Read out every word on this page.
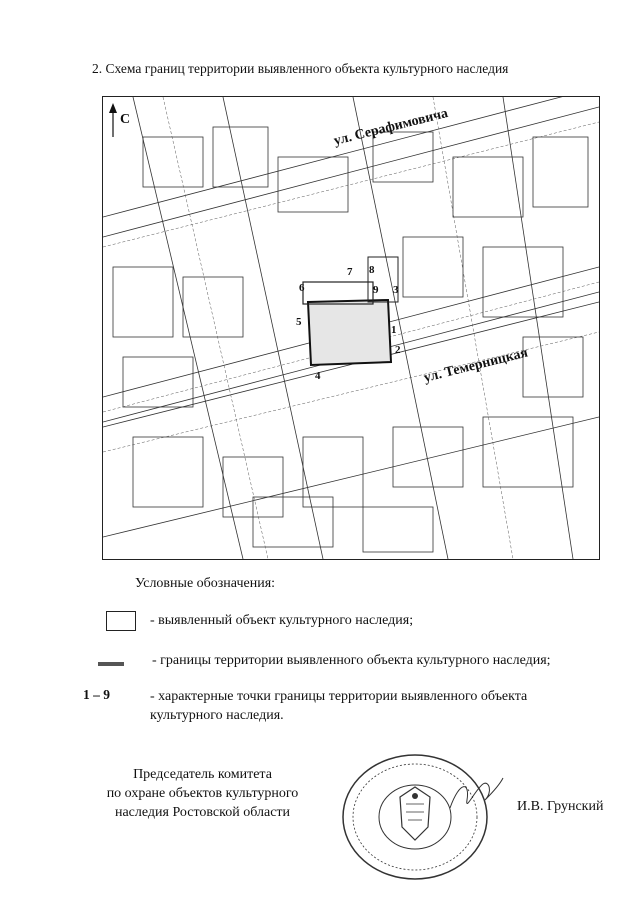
2. Схема границ территории выявленного объекта культурного наследия
С	ул. Серафимовича
ул. Темерницкая
1
2
3
4
5
6
7 8
9
Условные обозначения:
- выявленный объект культурного наследия;
- границы территории выявленного объекта культурного наследия;
1 – 9	- характерные точки границы территории выявленного объекта культурного наследия.
Председатель комитета
по охране объектов культурного
наследия Ростовской области	И.В. Грунский
